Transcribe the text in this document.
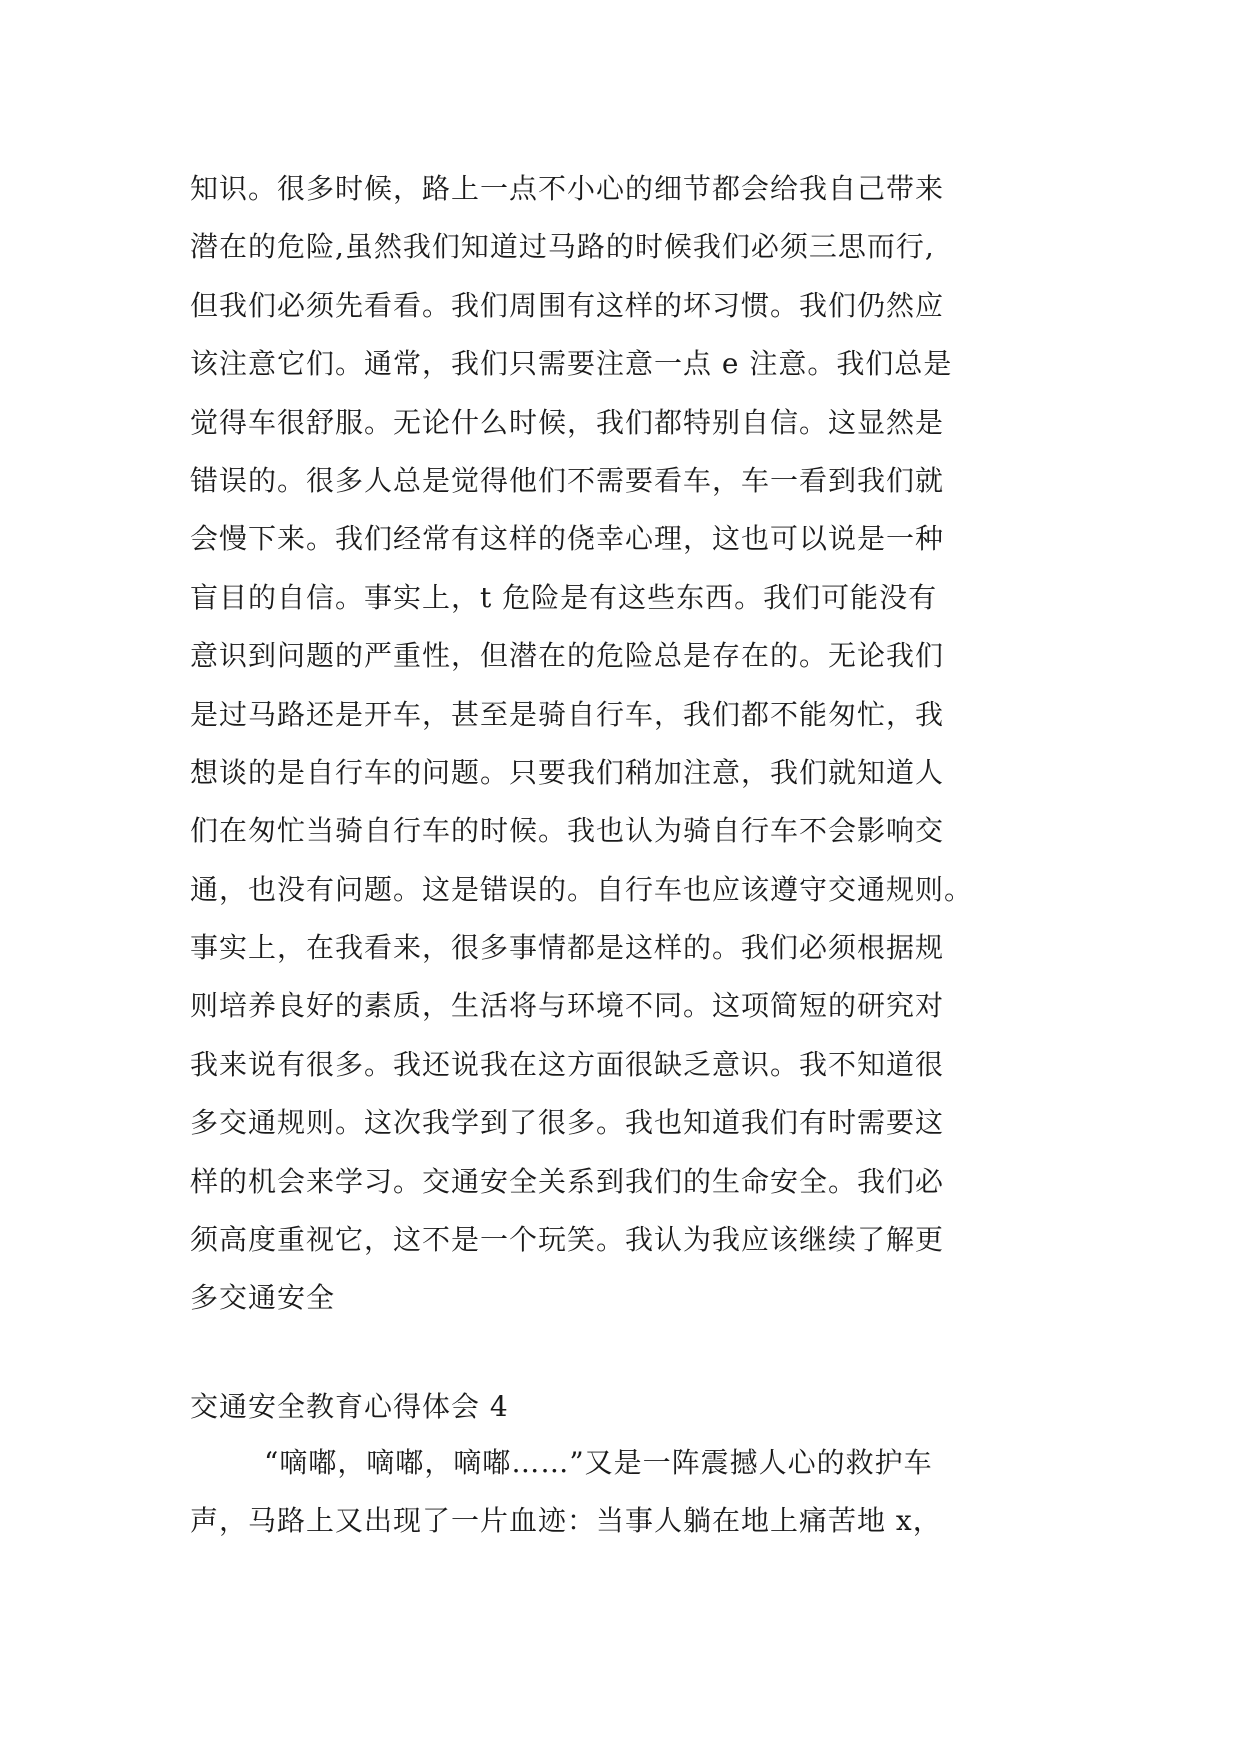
知识。很多时候，路上一点不小心的细节都会给我自己带来
潜在的危险,虽然我们知道过马路的时候我们必须三思而行,
但我们必须先看看。我们周围有这样的坏习惯。我们仍然应
该注意它们。通常，我们只需要注意一点 e 注意。我们总是
觉得车很舒服。无论什么时候，我们都特别自信。这显然是
错误的。很多人总是觉得他们不需要看车，车一看到我们就
会慢下来。我们经常有这样的侥幸心理，这也可以说是一种
盲目的自信。事实上，t 危险是有这些东西。我们可能没有
意识到问题的严重性，但潜在的危险总是存在的。无论我们
是过马路还是开车，甚至是骑自行车，我们都不能匆忙，我
想谈的是自行车的问题。只要我们稍加注意，我们就知道人
们在匆忙当骑自行车的时候。我也认为骑自行车不会影响交
通，也没有问题。这是错误的。自行车也应该遵守交通规则。
事实上，在我看来，很多事情都是这样的。我们必须根据规
则培养良好的素质，生活将与环境不同。这项简短的研究对
我来说有很多。我还说我在这方面很缺乏意识。我不知道很
多交通规则。这次我学到了很多。我也知道我们有时需要这
样的机会来学习。交通安全关系到我们的生命安全。我们必
须高度重视它，这不是一个玩笑。我认为我应该继续了解更
多交通安全
交通安全教育心得体会 4
“嘀嘟，嘀嘟，嘀嘟……”又是一阵震撼人心的救护车
声，马路上又出现了一片血迹：当事人躺在地上痛苦地 x，
